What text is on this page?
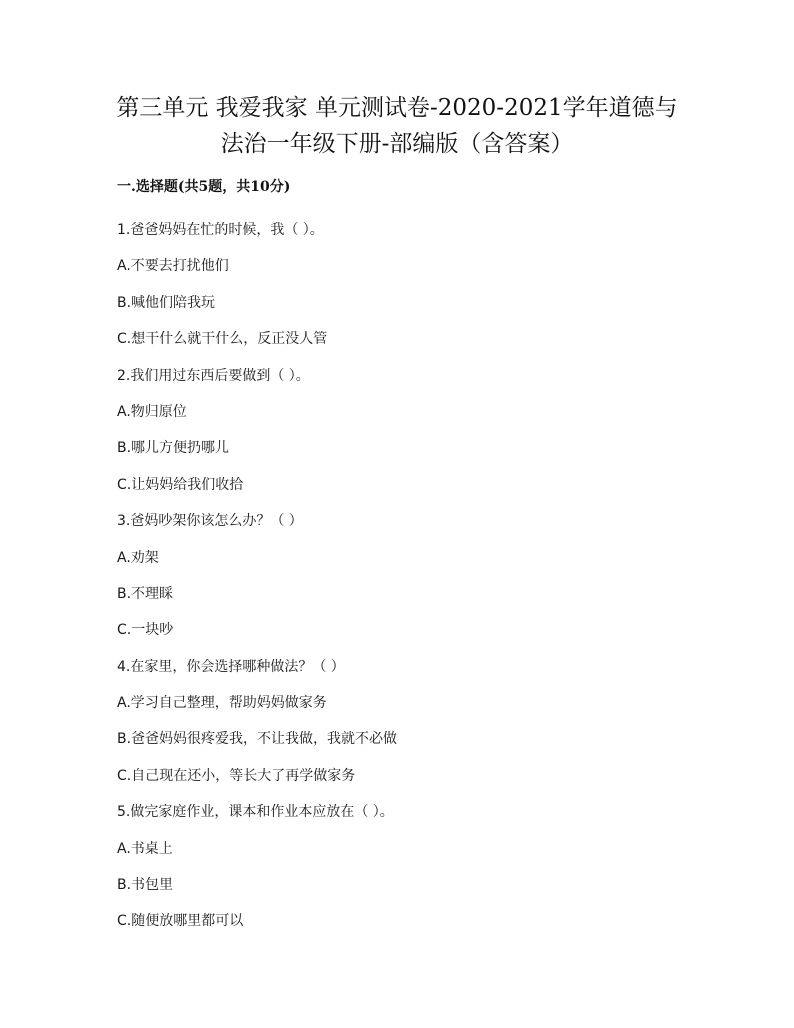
第三单元 我爱我家 单元测试卷-2020-2021学年道德与
法治一年级下册-部编版（含答案）
一.选择题(共5题，共10分)
1.爸爸妈妈在忙的时候，我（ ）。
A.不要去打扰他们
B.喊他们陪我玩
C.想干什么就干什么，反正没人管
2.我们用过东西后要做到（ ）。
A.物归原位
B.哪儿方便扔哪儿
C.让妈妈给我们收拾
3.爸妈吵架你该怎么办？（ ）
A.劝架
B.不理睬
C.一块吵
4.在家里，你会选择哪种做法？（ ）
A.学习自己整理，帮助妈妈做家务
B.爸爸妈妈很疼爱我，不让我做，我就不必做
C.自己现在还小，等长大了再学做家务
5.做完家庭作业，课本和作业本应放在（ ）。
A.书桌上
B.书包里
C.随便放哪里都可以
